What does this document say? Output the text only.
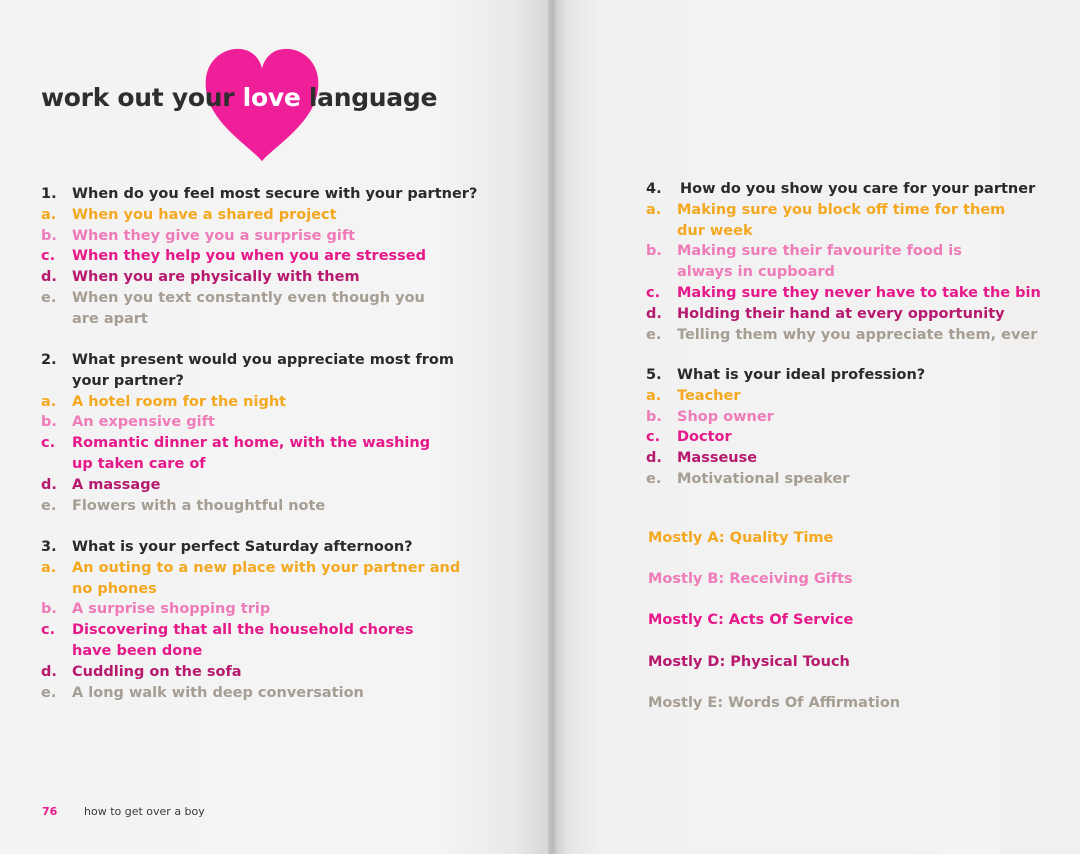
work out your love language
1.	When do you feel most secure with your partner?
a.	When you have a shared project
b.	When they give you a surprise gift
c.	When they help you when you are stressed
d.	When you are physically with them
e.	When you text constantly even though you are apart
2.	What present would you appreciate most from your partner?
a.	A hotel room for the night
b.	An expensive gift
c.	Romantic dinner at home, with the washing up taken care of
d.	A massage
e.	Flowers with a thoughtful note
3.	What is your perfect Saturday afternoon?
a.	An outing to a new place with your partner and no phones
b.	A surprise shopping trip
c.	Discovering that all the household chores have been done
d.	Cuddling on the sofa
e.	A long walk with deep conversation
4.	How do you show you care for your partner
a.	Making sure you block off time for them dur week
b.	Making sure their favourite food is always in cupboard
c.	Making sure they never have to take the bin
d.	Holding their hand at every opportunity
e.	Telling them why you appreciate them, ever
5.	What is your ideal profession?
a.	Teacher
b.	Shop owner
c.	Doctor
d.	Masseuse
e.	Motivational speaker
Mostly A: Quality Time
Mostly B: Receiving Gifts
Mostly C: Acts Of Service
Mostly D: Physical Touch
Mostly E: Words Of Affirmation
76 how to get over a boy
